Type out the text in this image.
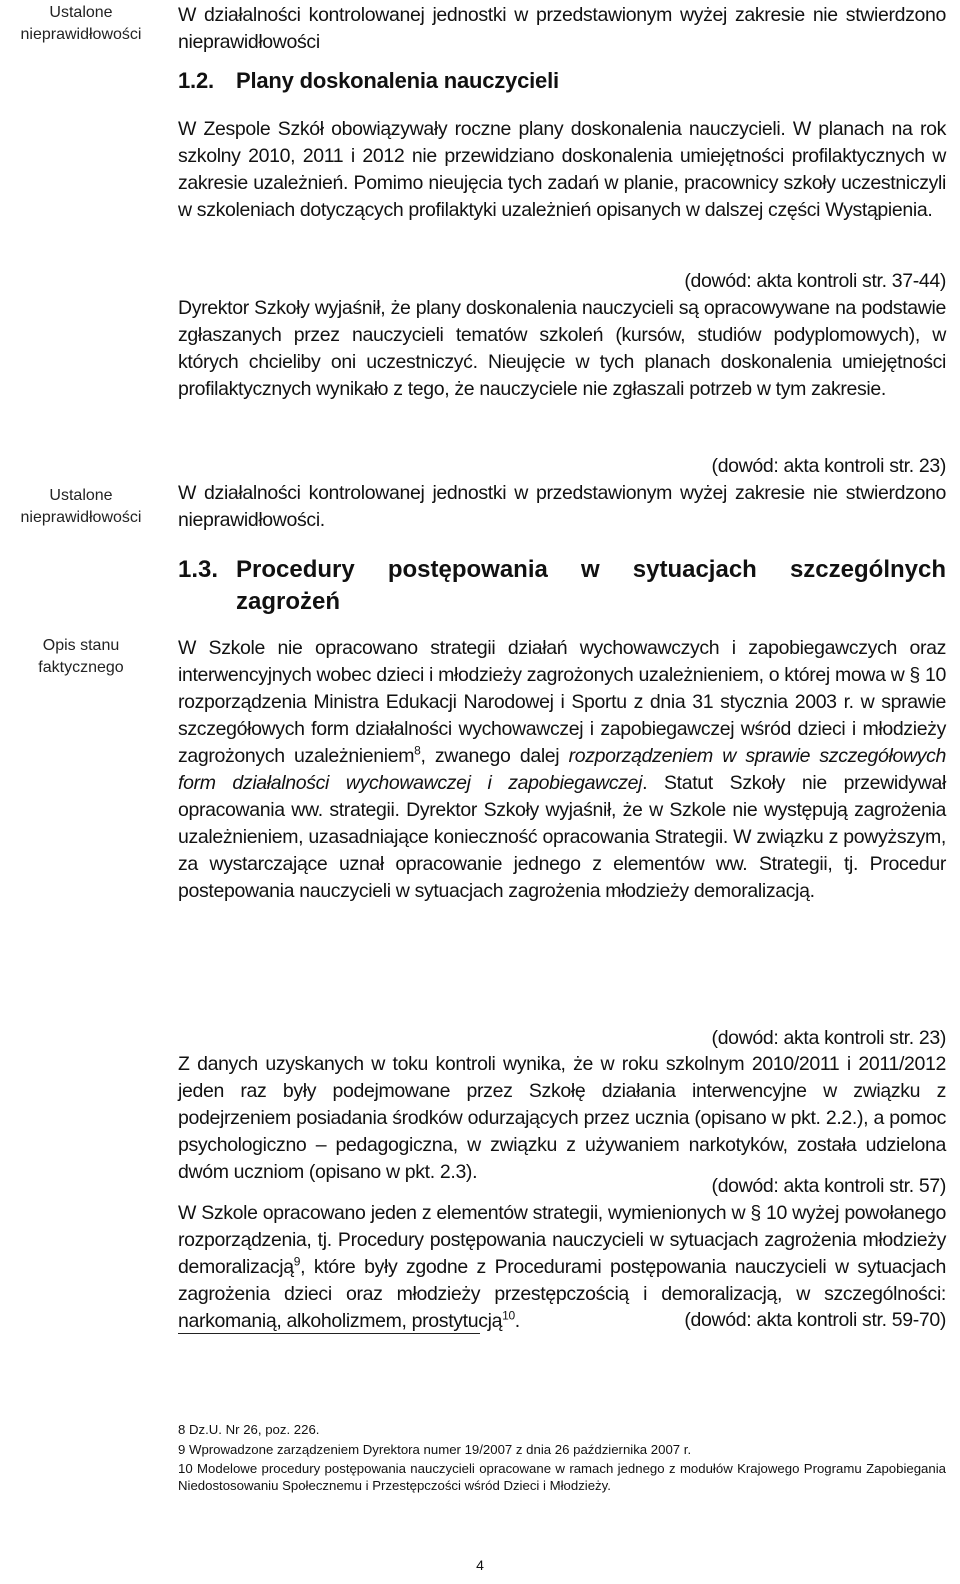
Ustalone nieprawidłowości
Ustalone nieprawidłowości
Opis stanu faktycznego
W działalności kontrolowanej jednostki w przedstawionym wyżej zakresie nie stwierdzono nieprawidłowości
1.2. Plany doskonalenia nauczycieli
W Zespole Szkół obowiązywały roczne plany doskonalenia nauczycieli. W planach na rok szkolny 2010, 2011 i 2012 nie przewidziano doskonalenia umiejętności profilaktycznych w zakresie uzależnień. Pomimo nieujęcia tych zadań w planie, pracownicy szkoły uczestniczyli w szkoleniach dotyczących profilaktyki uzależnień opisanych w dalszej części Wystąpienia.
(dowód: akta kontroli str. 37-44)
Dyrektor Szkoły wyjaśnił, że plany doskonalenia nauczycieli są opracowywane na podstawie zgłaszanych przez nauczycieli tematów szkoleń (kursów, studiów podyplomowych), w których chcieliby oni uczestniczyć. Nieujęcie w tych planach doskonalenia umiejętności profilaktycznych wynikało z tego, że nauczyciele nie zgłaszali potrzeb w tym zakresie.
(dowód: akta kontroli str. 23)
W działalności kontrolowanej jednostki w przedstawionym wyżej zakresie nie stwierdzono nieprawidłowości.
1.3. Procedury postępowania w sytuacjach szczególnych
zagrożeń
W Szkole nie opracowano strategii działań wychowawczych i zapobiegawczych oraz interwencyjnych wobec dzieci i młodzieży zagrożonych uzależnieniem, o której mowa w § 10 rozporządzenia Ministra Edukacji Narodowej i Sportu z dnia 31 stycznia 2003 r. w sprawie szczegółowych form działalności wychowawczej i zapobiegawczej wśród dzieci i młodzieży zagrożonych uzależnieniem$^8$, zwanego dalej rozporządzeniem w sprawie szczegółowych form działalności wychowawczej i zapobiegawczej. Statut Szkoły nie przewidywał opracowania ww. strategii. Dyrektor Szkoły wyjaśnił, że w Szkole nie występują zagrożenia uzależnieniem, uzasadniające konieczność opracowania Strategii. W związku z powyższym, za wystarczające uznał opracowanie jednego z elementów ww. Strategii, tj. Procedur postepowania nauczycieli w sytuacjach zagrożenia młodzieży demoralizacją.
(dowód: akta kontroli str. 23)
Z danych uzyskanych w toku kontroli wynika, że w roku szkolnym 2010/2011 i 2011/2012 jeden raz były podejmowane przez Szkołę działania interwencyjne w związku z podejrzeniem posiadania środków odurzających przez ucznia (opisano w pkt. 2.2.), a pomoc psychologiczno – pedagogiczna, w związku z używaniem narkotyków, została udzielona dwóm uczniom (opisano w pkt. 2.3).
(dowód: akta kontroli str. 57)
W Szkole opracowano jeden z elementów strategii, wymienionych w § 10 wyżej powołanego rozporządzenia, tj. Procedury postępowania nauczycieli w sytuacjach zagrożenia młodzieży demoralizacją$^9$, które były zgodne z Procedurami postępowania nauczycieli w sytuacjach zagrożenia dzieci oraz młodzieży przestępczością i demoralizacją, w szczególności: narkomanią, alkoholizmem, prostytucją$^{10}$.	(dowód: akta kontroli str. 59-70)
8 Dz.U. Nr 26, poz. 226.
9 Wprowadzone zarządzeniem Dyrektora numer 19/2007 z dnia 26 października 2007 r.
10 Modelowe procedury postępowania nauczycieli opracowane w ramach jednego z modułów Krajowego Programu Zapobiegania Niedostosowaniu Społecznemu i Przestępczości wśród Dzieci i Młodzieży.
4
